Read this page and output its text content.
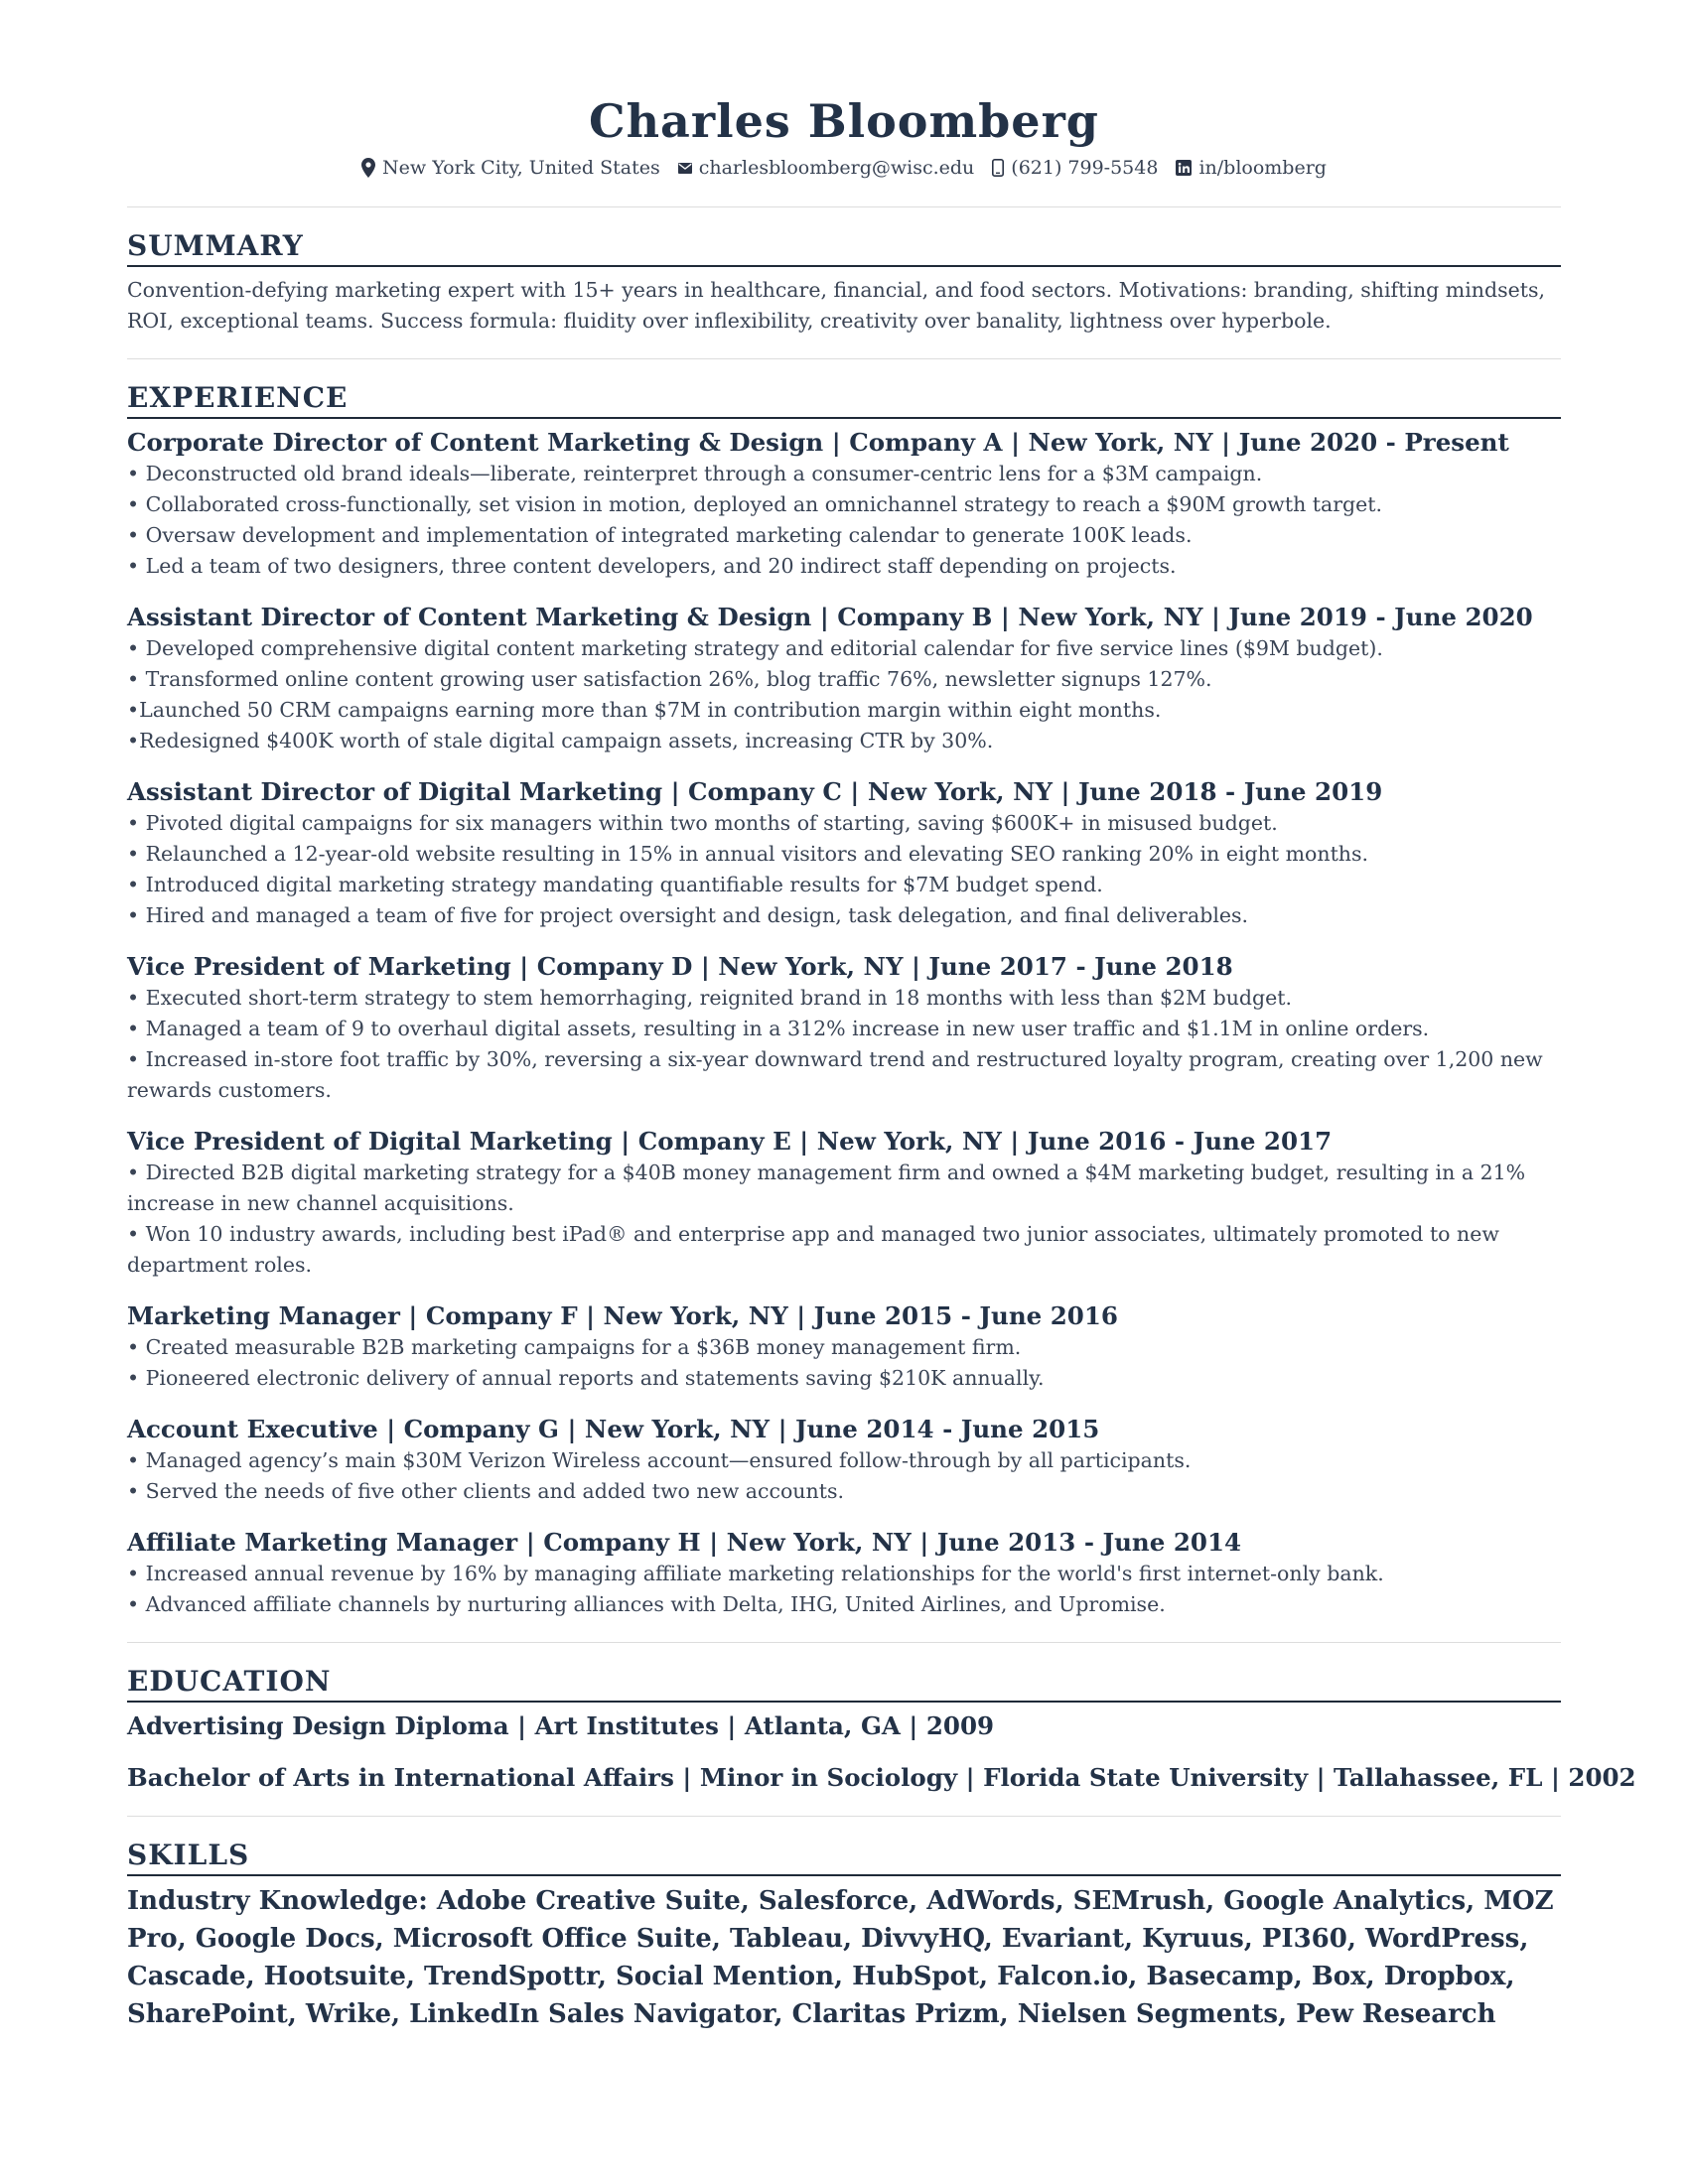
Charles Bloomberg
New York City, United States charlesbloomberg@wisc.edu (621) 799-5548 in/bloomberg
SUMMARY

Convention-defying marketing expert with 15+ years in healthcare, financial, and food sectors. Motivations: branding, shifting mindsets, ROI, exceptional teams. Success formula: fluidity over inflexibility, creativity over banality, lightness over hyperbole.

EXPERIENCE

Corporate Director of Content Marketing & Design | Company A | New York, NY | June 2020 - Present

• Deconstructed old brand ideals—liberate, reinterpret through a consumer-centric lens for a $3M campaign.

• Collaborated cross-functionally, set vision in motion, deployed an omnichannel strategy to reach a $90M growth target.

• Oversaw development and implementation of integrated marketing calendar to generate 100K leads.

• Led a team of two designers, three content developers, and 20 indirect staff depending on projects.

Assistant Director of Content Marketing & Design | Company B | New York, NY | June 2019 - June 2020

• Developed comprehensive digital content marketing strategy and editorial calendar for five service lines ($9M budget).

• Transformed online content growing user satisfaction 26%, blog traffic 76%, newsletter signups 127%.

•Launched 50 CRM campaigns earning more than $7M in contribution margin within eight months.

•Redesigned $400K worth of stale digital campaign assets, increasing CTR by 30%.

Assistant Director of Digital Marketing | Company C | New York, NY | June 2018 - June 2019

• Pivoted digital campaigns for six managers within two months of starting, saving $600K+ in misused budget.

• Relaunched a 12-year-old website resulting in 15% in annual visitors and elevating SEO ranking 20% in eight months.

• Introduced digital marketing strategy mandating quantifiable results for $7M budget spend.

• Hired and managed a team of five for project oversight and design, task delegation, and final deliverables.

Vice President of Marketing | Company D | New York, NY | June 2017 - June 2018

• Executed short-term strategy to stem hemorrhaging, reignited brand in 18 months with less than $2M budget.

• Managed a team of 9 to overhaul digital assets, resulting in a 312% increase in new user traffic and $1.1M in online orders.

• Increased in-store foot traffic by 30%, reversing a six-year downward trend and restructured loyalty program, creating over 1,200 new rewards customers.

Vice President of Digital Marketing | Company E | New York, NY | June 2016 - June 2017

• Directed B2B digital marketing strategy for a $40B money management firm and owned a $4M marketing budget, resulting in a 21% increase in new channel acquisitions.

• Won 10 industry awards, including best iPad® and enterprise app and managed two junior associates, ultimately promoted to new department roles.

Marketing Manager | Company F | New York, NY | June 2015 - June 2016

• Created measurable B2B marketing campaigns for a $36B money management firm.

• Pioneered electronic delivery of annual reports and statements saving $210K annually.

Account Executive | Company G | New York, NY | June 2014 - June 2015

• Managed agency’s main $30M Verizon Wireless account—ensured follow-through by all participants.

• Served the needs of five other clients and added two new accounts.

Affiliate Marketing Manager | Company H | New York, NY | June 2013 - June 2014

• Increased annual revenue by 16% by managing affiliate marketing relationships for the world's first internet-only bank.

• Advanced affiliate channels by nurturing alliances with Delta, IHG, United Airlines, and Upromise.

EDUCATION

Advertising Design Diploma | Art Institutes | Atlanta, GA | 2009

Bachelor of Arts in International Affairs | Minor in Sociology | Florida State University | Tallahassee, FL | 2002

SKILLS

Industry Knowledge: Adobe Creative Suite, Salesforce, AdWords, SEMrush, Google Analytics, MOZ Pro, Google Docs, Microsoft Office Suite, Tableau, DivvyHQ, Evariant, Kyruus, PI360, WordPress, Cascade, Hootsuite, TrendSpottr, Social Mention, HubSpot, Falcon.io, Basecamp, Box, Dropbox, SharePoint, Wrike, LinkedIn Sales Navigator, Claritas Prizm, Nielsen Segments, Pew Research
